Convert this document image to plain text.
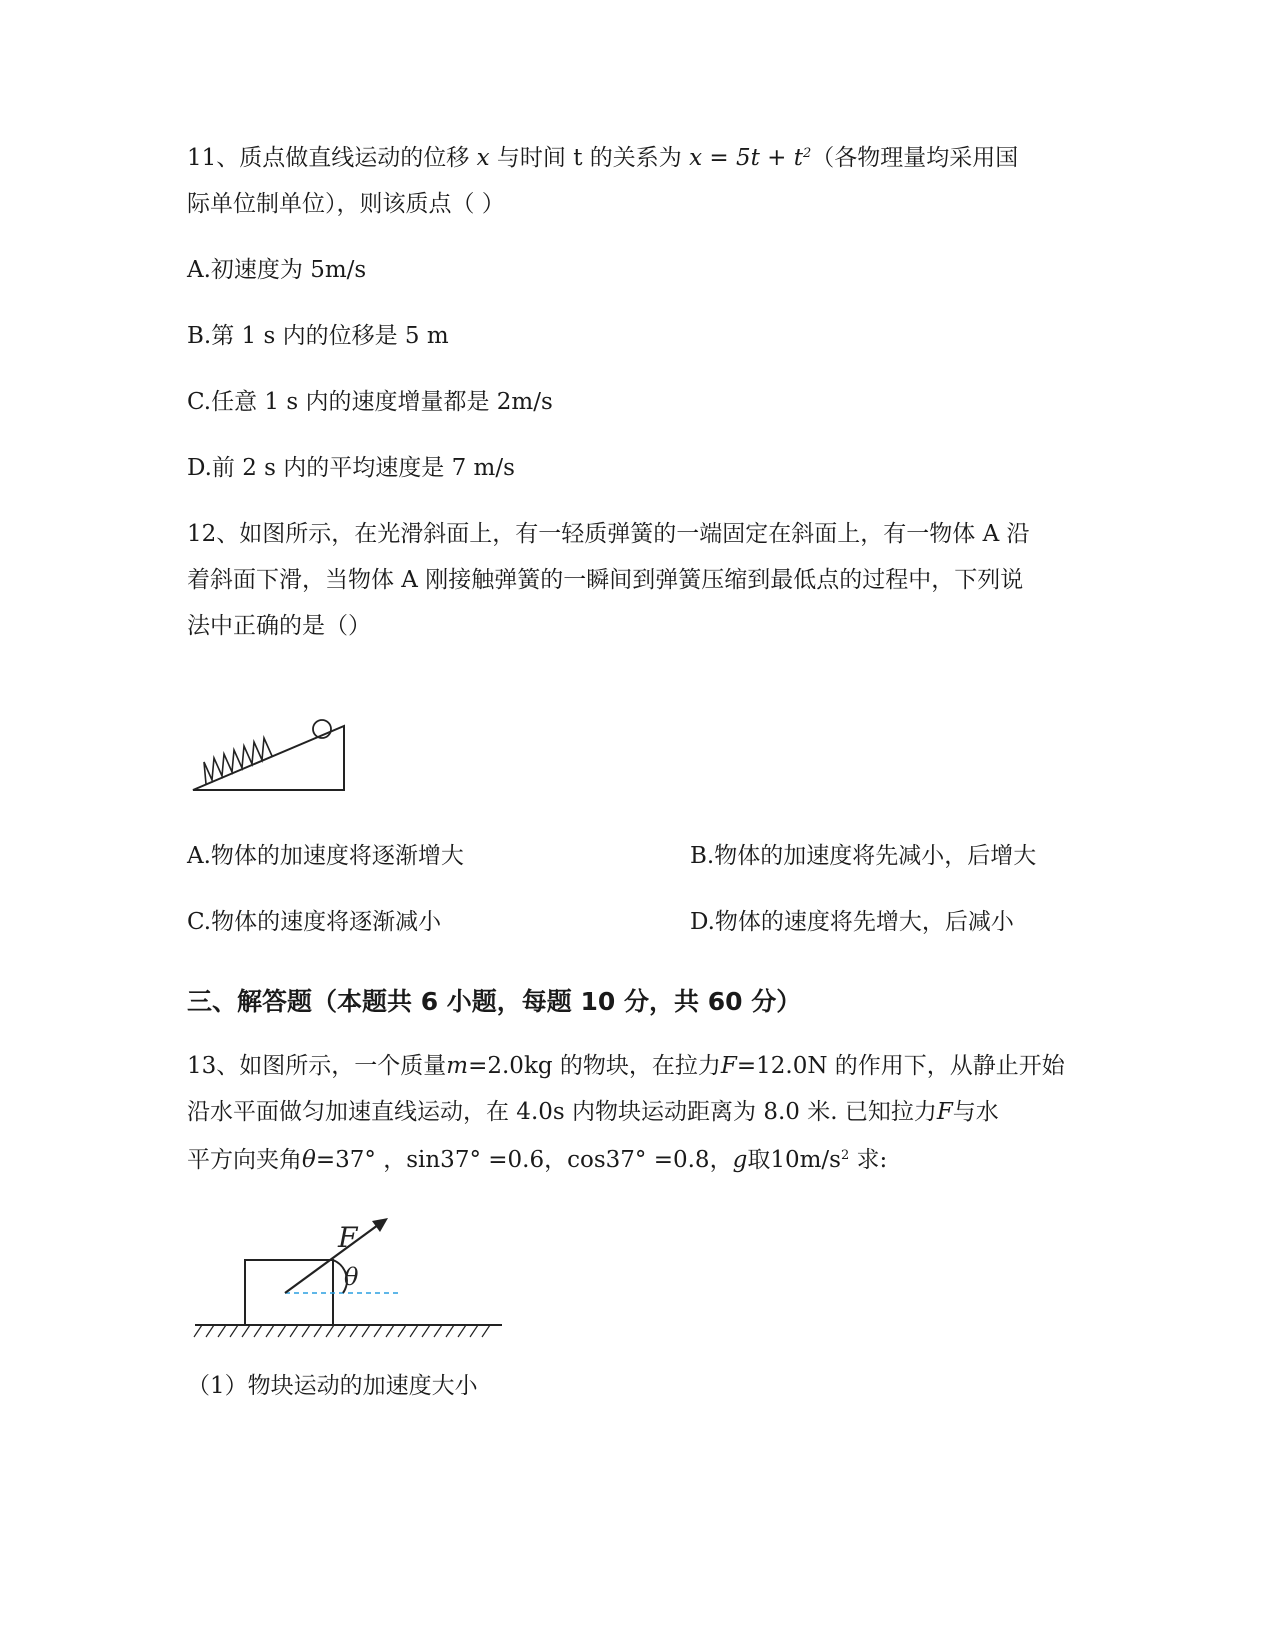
11、质点做直线运动的位移 x 与时间 t 的关系为 $x = 5t + t^2$（各物理量均采用国
际单位制单位），则该质点（ ）
A.初速度为 5m/s
B.第 1 s 内的位移是 5 m
C.任意 1 s 内的速度增量都是 2m/s
D.前 2 s 内的平均速度是 7 m/s
12、如图所示，在光滑斜面上，有一轻质弹簧的一端固定在斜面上，有一物体 A 沿
着斜面下滑，当物体 A 刚接触弹簧的一瞬间到弹簧压缩到最低点的过程中，下列说
法中正确的是（）
A.物体的加速度将逐渐增大	B.物体的加速度将先减小，后增大
C.物体的速度将逐渐减小	D.物体的速度将先增大，后减小
三、解答题（本题共 6 小题，每题 10 分，共 60 分）
13、如图所示，一个质量m=2.0kg 的物块，在拉力F=12.0N 的作用下，从静止开始
沿水平面做匀加速直线运动，在 4.0s 内物块运动距离为 8.0 米. 已知拉力F与水
平方向夹角θ=37° ，sin37° =0.6，cos37° =0.8，g取$10m/s^2$ 求:
F
θ
（1）物块运动的加速度大小
